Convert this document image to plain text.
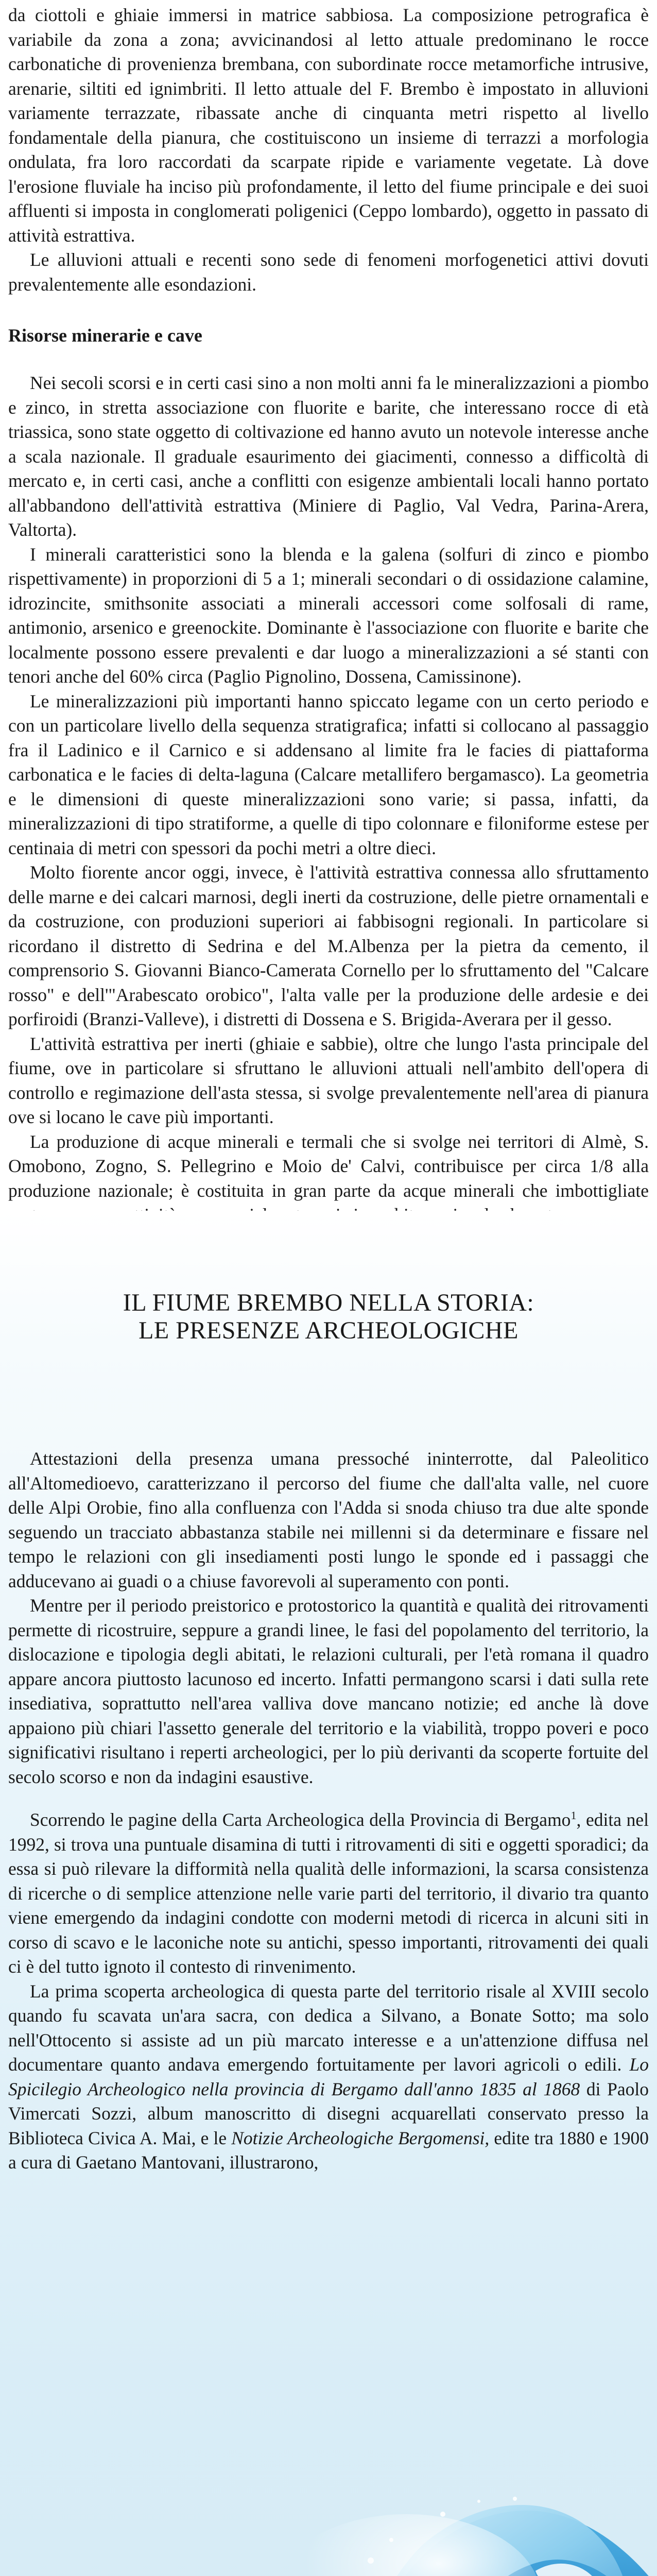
da ciottoli e ghiaie immersi in matrice sabbiosa. La composizione petrografica è variabile da zona a zona; avvicinandosi al letto attuale predominano le rocce carbonatiche di provenienza brembana, con subordinate rocce metamorfiche intrusive, arenarie, siltiti ed ignimbriti. Il letto attuale del F. Brembo è impostato in alluvioni variamente terrazzate, ribassate anche di cinquanta metri rispetto al livello fondamentale della pianura, che costituiscono un insieme di terrazzi a morfologia ondulata, fra loro raccordati da scarpate ripide e variamente vegetate. Là dove l'erosione fluviale ha inciso più profondamente, il letto del fiume principale e dei suoi affluenti si imposta in conglomerati poligenici (Ceppo lombardo), oggetto in passato di attività estrattiva.

Le alluvioni attuali e recenti sono sede di fenomeni morfogenetici attivi dovuti prevalentemente alle esondazioni.

Risorse minerarie e cave

Nei secoli scorsi e in certi casi sino a non molti anni fa le mineralizzazioni a piombo e zinco, in stretta associazione con fluorite e barite, che interessano rocce di età triassica, sono state oggetto di coltivazione ed hanno avuto un notevole interesse anche a scala nazionale. Il graduale esaurimento dei giacimenti, connesso a difficoltà di mercato e, in certi casi, anche a conflitti con esigenze ambientali locali hanno portato all'abbandono dell'attività estrattiva (Miniere di Paglio, Val Vedra, Parina-Arera, Valtorta).

I minerali caratteristici sono la blenda e la galena (solfuri di zinco e piombo rispettivamente) in proporzioni di 5 a 1; minerali secondari o di ossidazione calamine, idrozincite, smithsonite associati a minerali accessori come solfosali di rame, antimonio, arsenico e greenockite. Dominante è l'associazione con fluorite e barite che localmente possono essere prevalenti e dar luogo a mineralizzazioni a sé stanti con tenori anche del 60% circa (Paglio Pignolino, Dossena, Camissinone).

Le mineralizzazioni più importanti hanno spiccato legame con un certo periodo e con un particolare livello della sequenza stratigrafica; infatti si collocano al passaggio fra il Ladinico e il Carnico e si addensano al limite fra le facies di piattaforma carbonatica e le facies di delta-laguna (Calcare metallifero bergamasco). La geometria e le dimensioni di queste mineralizzazioni sono varie; si passa, infatti, da mineralizzazioni di tipo stratiforme, a quelle di tipo colonnare e filoniforme estese per centinaia di metri con spessori da pochi metri a oltre dieci.

Molto fiorente ancor oggi, invece, è l'attività estrattiva connessa allo sfruttamento delle marne e dei calcari marnosi, degli inerti da costruzione, delle pietre ornamentali e da costruzione, con produzioni superiori ai fabbisogni regionali. In particolare si ricordano il distretto di Sedrina e del M.Albenza per la pietra da cemento, il comprensorio S. Giovanni Bianco-Camerata Cornello per lo sfruttamento del "Calcare rosso" e dell'"Arabescato orobico", l'alta valle per la produzione delle ardesie e dei porfiroidi (Branzi-Valleve), i distretti di Dossena e S. Brigida-Averara per il gesso.

L'attività estrattiva per inerti (ghiaie e sabbie), oltre che lungo l'asta principale del fiume, ove in particolare si sfruttano le alluvioni attuali nell'ambito dell'opera di controllo e regimazione dell'asta stessa, si svolge prevalentemente nell'area di pianura ove si locano le cave più importanti.

La produzione di acque minerali e termali che si svolge nei territori di Almè, S. Omobono, Zogno, S. Pellegrino e Moio de' Calvi, contribuisce per circa 1/8 alla produzione nazionale; è costituita in gran parte da acque minerali che imbottigliate

IL FIUME BREMBO NELLA STORIA:
LE PRESENZE ARCHEOLOGICHE

Attestazioni della presenza umana pressoché ininterrotte, dal Paleolitico all'Altomedioevo, caratterizzano il percorso del fiume che dall'alta valle, nel cuore delle Alpi Orobie, fino alla confluenza con l'Adda si snoda chiuso tra due alte sponde seguendo un tracciato abbastanza stabile nei millenni si da determinare e fissare nel tempo le relazioni con gli insediamenti posti lungo le sponde ed i passaggi che adducevano ai guadi o a chiuse favorevoli al superamento con ponti.

Mentre per il periodo preistorico e protostorico la quantità e qualità dei ritrovamenti permette di ricostruire, seppure a grandi linee, le fasi del popolamento del territorio, la dislocazione e tipologia degli abitati, le relazioni culturali, per l'età romana il quadro appare ancora piuttosto lacunoso ed incerto. Infatti permangono scarsi i dati sulla rete insediativa, soprattutto nell'area valliva dove mancano notizie; ed anche là dove appaiono più chiari l'assetto generale del territorio e la viabilità, troppo poveri e poco significativi risultano i reperti archeologici, per lo più derivanti da scoperte fortuite del secolo scorso e non da indagini esaustive.

Scorrendo le pagine della Carta Archeologica della Provincia di Bergamo$^1$, edita nel 1992, si trova una puntuale disamina di tutti i ritrovamenti di siti e oggetti sporadici; da essa si può rilevare la difformità nella qualità delle informazioni, la scarsa consistenza di ricerche o di semplice attenzione nelle varie parti del territorio, il divario tra quanto viene emergendo da indagini condotte con moderni metodi di ricerca in alcuni siti in corso di scavo e le laconiche note su antichi, spesso importanti, ritrovamenti dei quali ci è del tutto ignoto il contesto di rinvenimento.

La prima scoperta archeologica di questa parte del territorio risale al XVIII secolo quando fu scavata un'ara sacra, con dedica a Silvano, a Bonate Sotto; ma solo nell'Ottocento si assiste ad un più marcato interesse e a un'attenzione diffusa nel documentare quanto andava emergendo fortuitamente per lavori agricoli o edili. Lo Spicilegio Archeologico nella provincia di Bergamo dall'anno 1835 al 1868 di Paolo Vimercati Sozzi, album manoscritto di disegni acquarellati conservato presso la Biblioteca Civica A. Mai, e le Notizie Archeologiche Bergomensi, edite tra 1880 e 1900 a cura di Gaetano Mantovani, illustrarono,
